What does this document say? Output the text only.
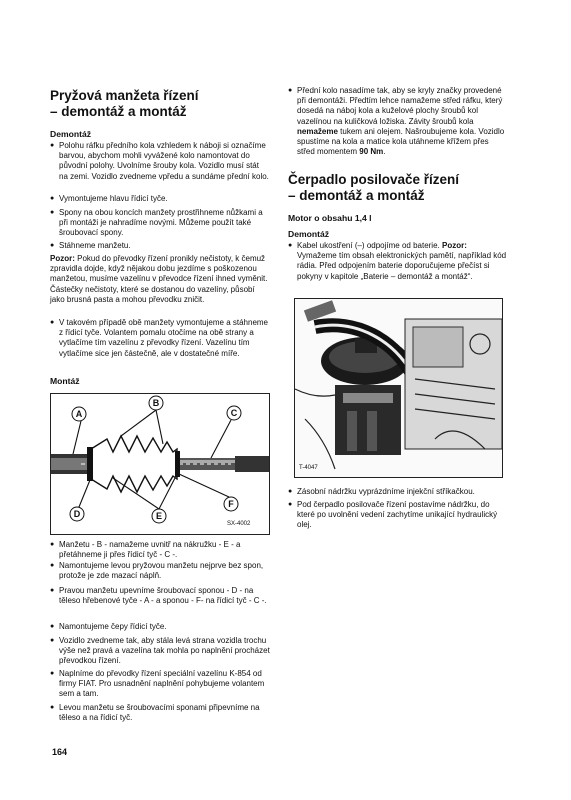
Pryžová manžeta řízení
– demontáž a montáž
Demontáž

● Polohu ráfku předního kola vzhledem k náboji si označíme barvou, abychom mohli vyvážené kolo namontovat do původní polohy. Uvolníme šrouby kola. Vozidlo musí stát na zemi. Vozidlo zvedneme vpředu a sundáme přední kolo.

● Vymontujeme hlavu řídicí tyče.

● Spony na obou koncích manžety prostřihneme nůžkami a při montáži je nahradíme novými. Můžeme použít také šroubovací spony.

● Stáhneme manžetu.

Pozor: Pokud do převodky řízení pronikly nečistoty, k čemuž zpravidla dojde, když nějakou dobu jezdíme s poškozenou manžetou, musíme vazelínu v převodce řízení ihned vyměnit. Částečky nečistoty, které se dostanou do vazelíny, působí jako brusná pasta a mohou převodku zničit.

● V takovém případě obě manžety vymontujeme a stáhneme z řídicí tyče. Volantem pomalu otočíme na obě strany a vytlačíme tím vazelínu z převodky řízení. Vazelínu tím vytlačíme sice jen částečně, ale v dostatečné míře.

Montáž
A
B
C
D	E
F
SX-4002

● Manžetu - B - namažeme uvnitř na nákružku - E - a přetáhneme ji přes řídicí tyč - C -.

● Namontujeme levou pryžovou manžetu nejprve bez spon, protože je zde mazací náplň.

● Pravou manžetu upevníme šroubovací sponou - D - na těleso hřebenové tyče - A - a sponou - F- na řídicí tyč - C -.

● Namontujeme čepy řídicí tyče.

● Vozidlo zvedneme tak, aby stála levá strana vozidla trochu výše než pravá a vazelína tak mohla po naplnění procházet převodkou řízení.

● Naplníme do převodky řízení speciální vazelínu K-854 od firmy FIAT. Pro usnadnění naplnění pohybujeme volantem sem a tam.

● Levou manžetu se šroubovacími sponami připevníme na těleso a na řídicí tyč.

● Přední kolo nasadíme tak, aby se kryly značky provedené při demontáži. Předtím lehce namažeme střed ráfku, který dosedá na náboj kola a kuželové plochy šroubů kol vazelínou na kuličková ložiska. Závity šroubů kola nemažeme tukem ani olejem. Našroubujeme kola. Vozidlo spustíme na kola a matice kola utáhneme křížem přes střed momentem 90 Nm.

Čerpadlo posilovače řízení
– demontáž a montáž
Motor o obsahu 1,4 l
Demontáž

● Kabel ukostření (–) odpojíme od baterie. Pozor: Vymažeme tím obsah elektronických pamětí, například kód rádia. Před odpojením baterie doporučujeme přečíst si pokyny v kapitole „Baterie – demontáž a montáž“.

T-4047

● Zásobní nádržku vyprázdníme injekční stříkačkou.

● Pod čerpadlo posilovače řízení postavíme nádržku, do které po uvolnění vedení zachytíme unikající hydraulický olej.

164
